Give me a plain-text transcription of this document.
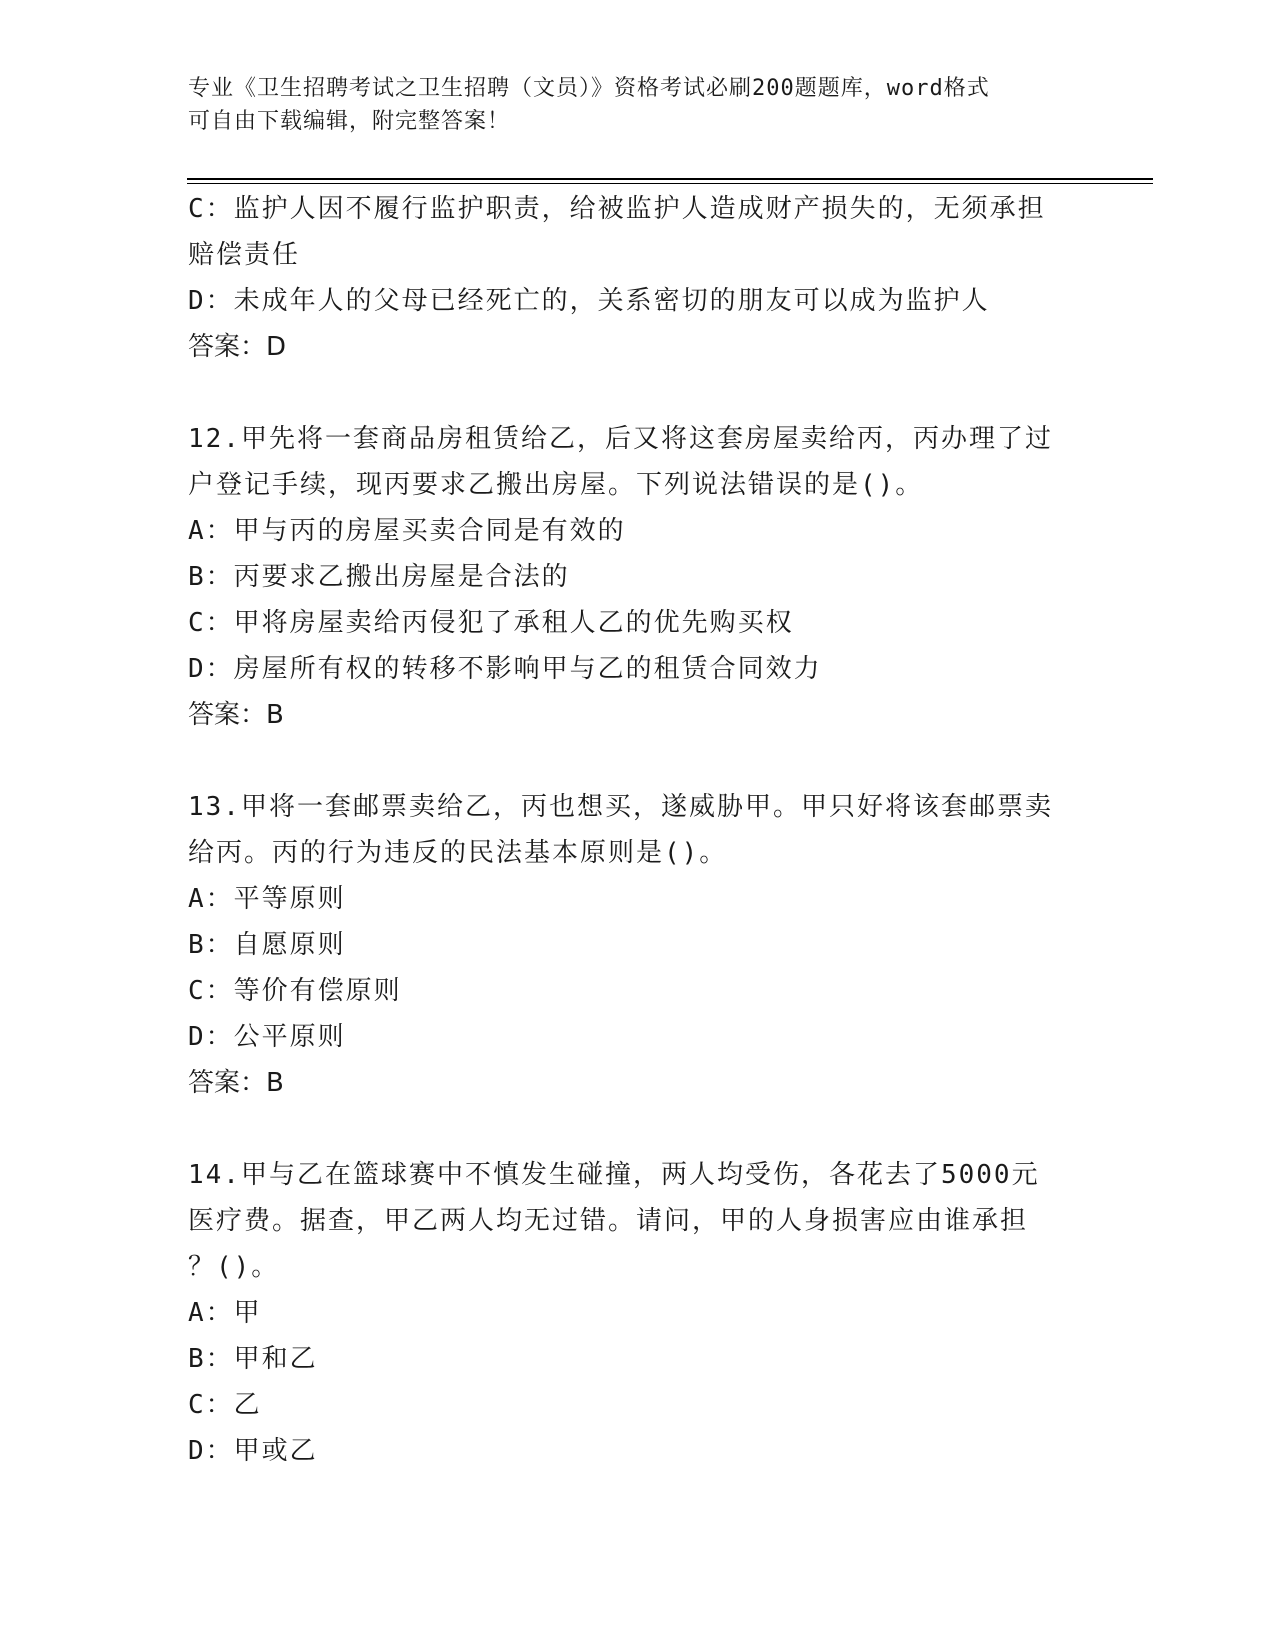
专业《卫生招聘考试之卫生招聘（文员）》资格考试必刷200题题库，word格式
可自由下载编辑，附完整答案！

C：监护人因不履行监护职责，给被监护人造成财产损失的，无须承担

赔偿责任

D：未成年人的父母已经死亡的，关系密切的朋友可以成为监护人

答案：D

12.甲先将一套商品房租赁给乙，后又将这套房屋卖给丙，丙办理了过

户登记手续，现丙要求乙搬出房屋。下列说法错误的是()。

A：甲与丙的房屋买卖合同是有效的

B：丙要求乙搬出房屋是合法的

C：甲将房屋卖给丙侵犯了承租人乙的优先购买权

D：房屋所有权的转移不影响甲与乙的租赁合同效力

答案：B

13.甲将一套邮票卖给乙，丙也想买，遂威胁甲。甲只好将该套邮票卖

给丙。丙的行为违反的民法基本原则是()。

A：平等原则

B：自愿原则

C：等价有偿原则

D：公平原则

答案：B

14.甲与乙在篮球赛中不慎发生碰撞，两人均受伤，各花去了5000元

医疗费。据查，甲乙两人均无过错。请问，甲的人身损害应由谁承担

？()。

A：甲

B：甲和乙

C：乙

D：甲或乙
